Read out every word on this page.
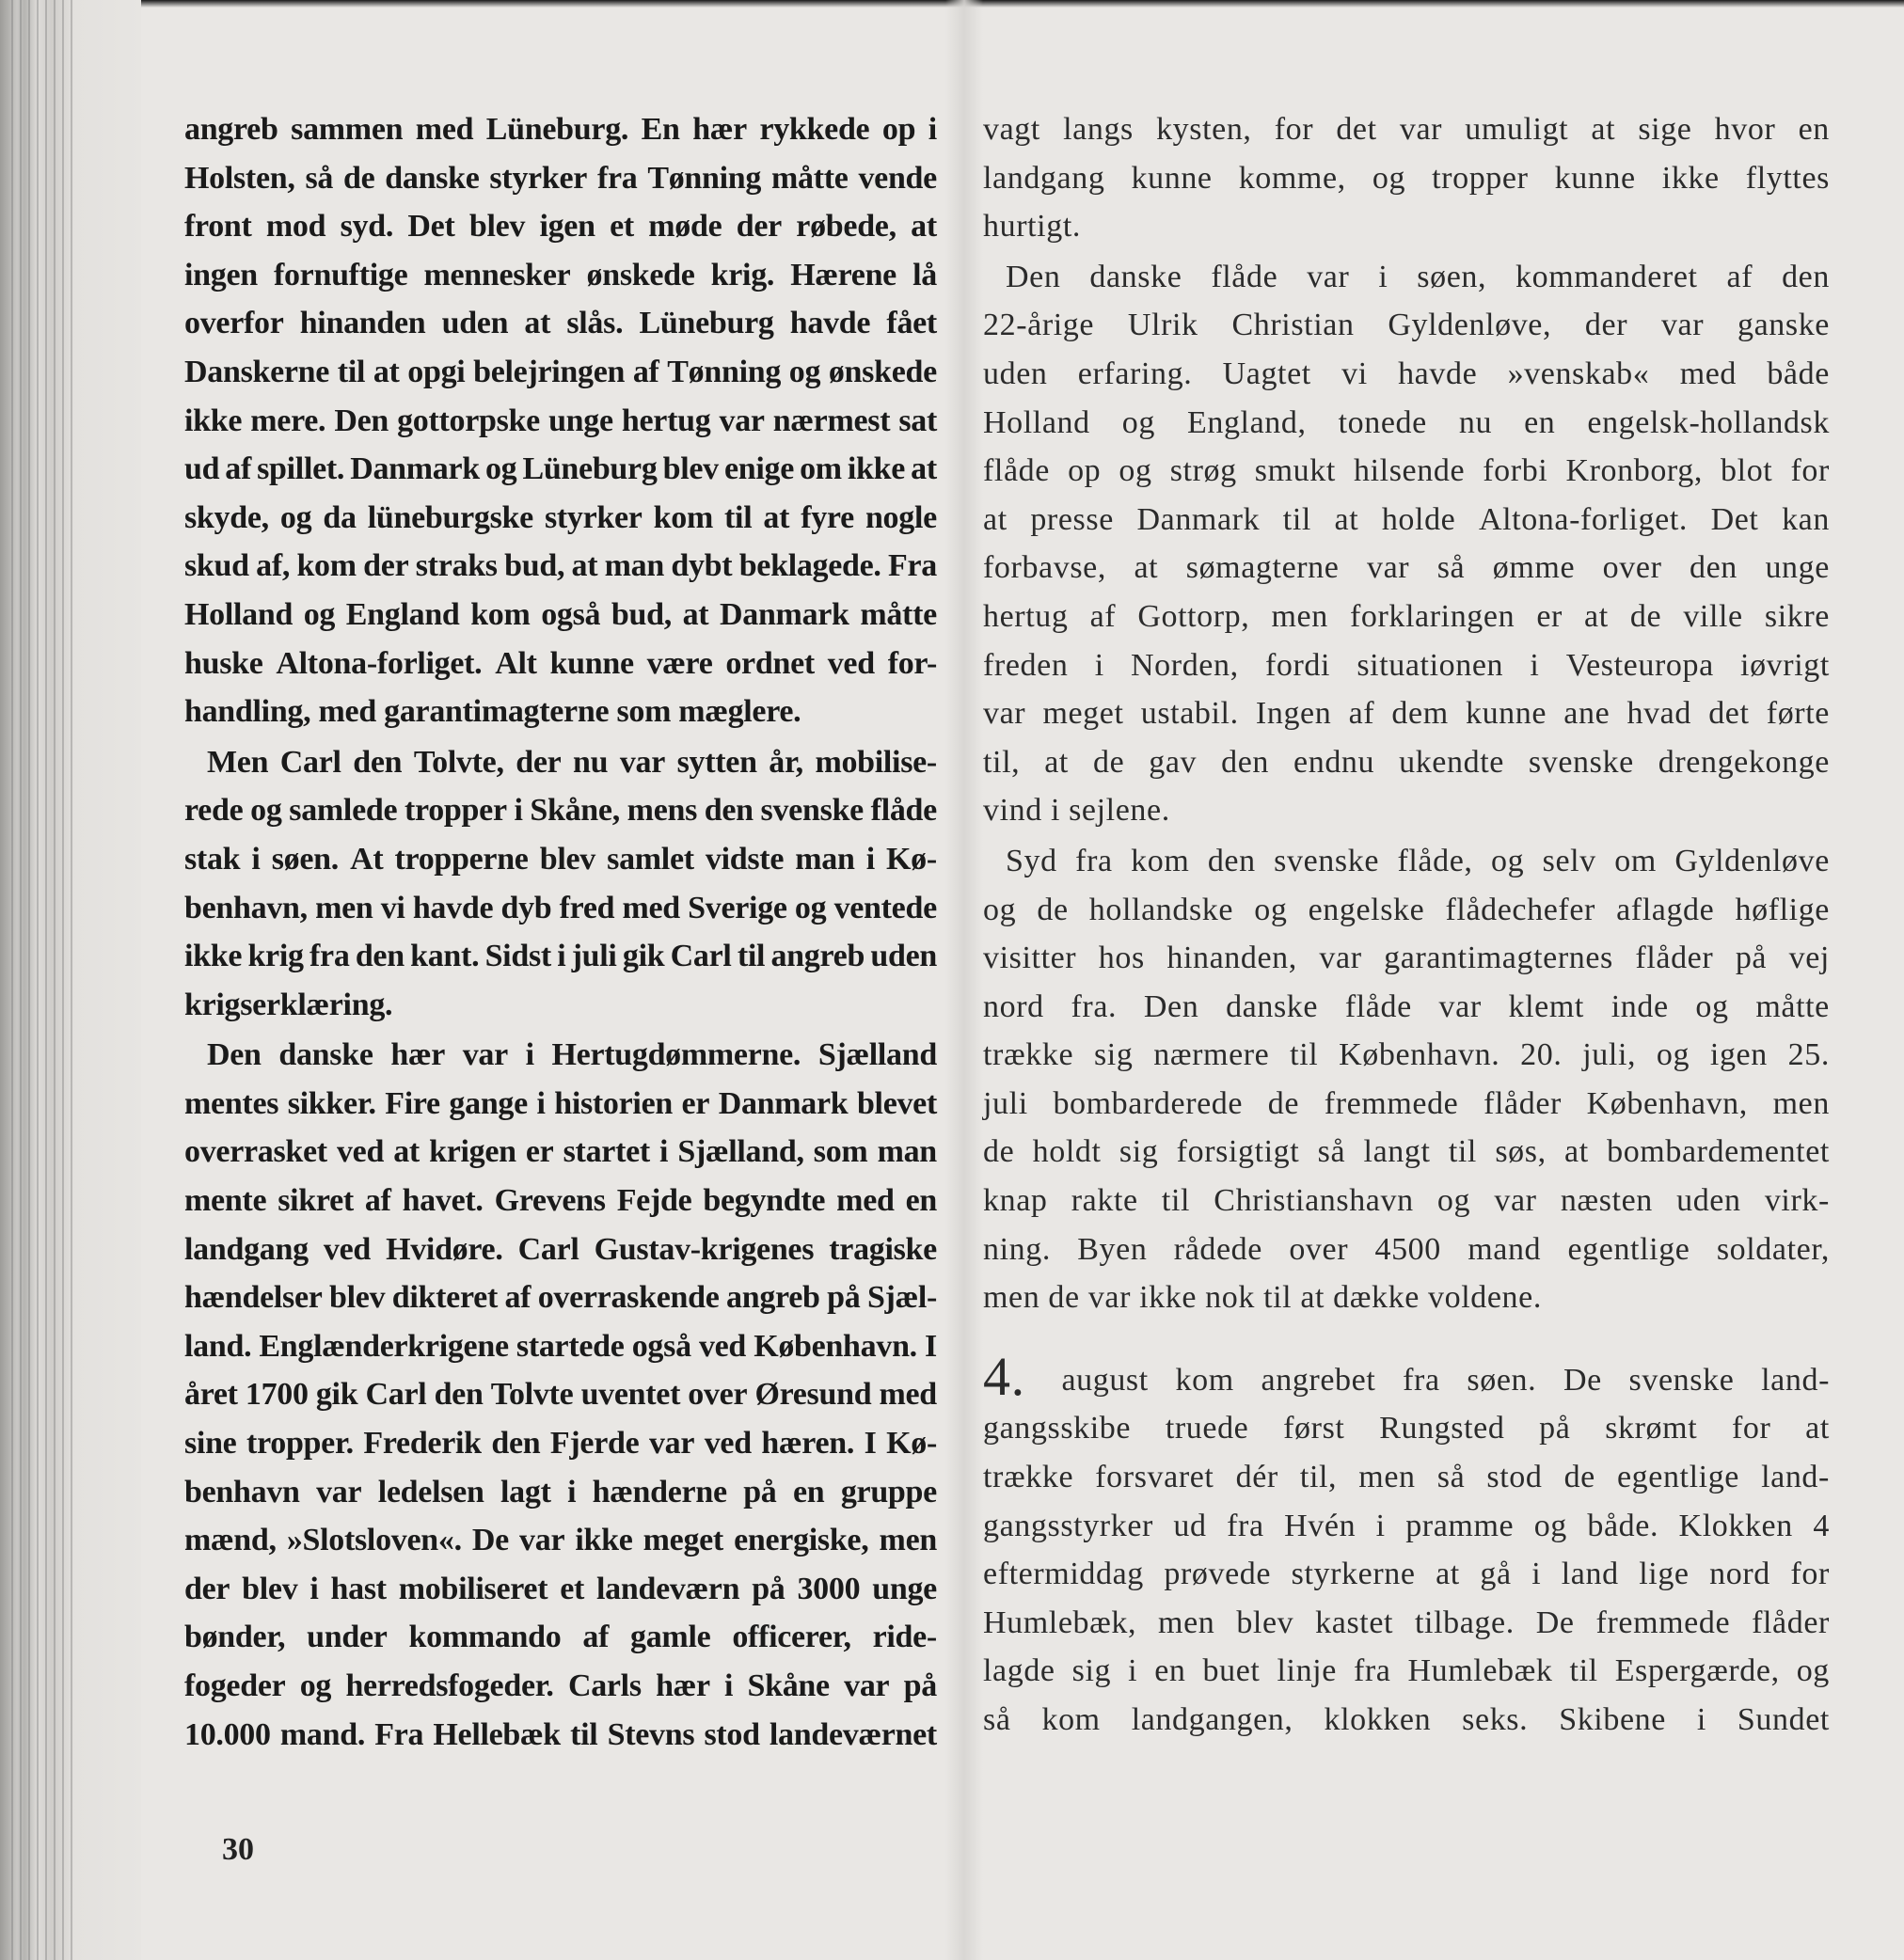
angreb sammen med Lüneburg. En hær rykkede op i
Holsten, så de danske styrker fra Tønning måtte vende
front mod syd. Det blev igen et møde der røbede, at
ingen fornuftige mennesker ønskede krig. Hærene lå
overfor hinanden uden at slås. Lüneburg havde fået
Danskerne til at opgi belejringen af Tønning og ønskede
ikke mere. Den gottorpske unge hertug var nærmest sat
ud af spillet. Danmark og Lüneburg blev enige om ikke at
skyde, og da lüneburgske styrker kom til at fyre nogle
skud af, kom der straks bud, at man dybt beklagede. Fra
Holland og England kom også bud, at Danmark måtte
huske Altona-forliget. Alt kunne være ordnet ved for-
handling, med garantimagterne som mæglere.
Men Carl den Tolvte, der nu var sytten år, mobilise-
rede og samlede tropper i Skåne, mens den svenske flåde
stak i søen. At tropperne blev samlet vidste man i Kø-
benhavn, men vi havde dyb fred med Sverige og ventede
ikke krig fra den kant. Sidst i juli gik Carl til angreb uden
krigserklæring.
Den danske hær var i Hertugdømmerne. Sjælland
mentes sikker. Fire gange i historien er Danmark blevet
overrasket ved at krigen er startet i Sjælland, som man
mente sikret af havet. Grevens Fejde begyndte med en
landgang ved Hvidøre. Carl Gustav-krigenes tragiske
hændelser blev dikteret af overraskende angreb på Sjæl-
land. Englænderkrigene startede også ved København. I
året 1700 gik Carl den Tolvte uventet over Øresund med
sine tropper. Frederik den Fjerde var ved hæren. I Kø-
benhavn var ledelsen lagt i hænderne på en gruppe
mænd, »Slotsloven«. De var ikke meget energiske, men
der blev i hast mobiliseret et landeværn på 3000 unge
bønder, under kommando af gamle officerer, ride-
fogeder og herredsfogeder. Carls hær i Skåne var på
10.000 mand. Fra Hellebæk til Stevns stod landeværnet
vagt langs kysten, for det var umuligt at sige hvor en
landgang kunne komme, og tropper kunne ikke flyttes
hurtigt.
Den danske flåde var i søen, kommanderet af den
22-årige Ulrik Christian Gyldenløve, der var ganske
uden erfaring. Uagtet vi havde »venskab« med både
Holland og England, tonede nu en engelsk-hollandsk
flåde op og strøg smukt hilsende forbi Kronborg, blot for
at presse Danmark til at holde Altona-forliget. Det kan
forbavse, at sømagterne var så ømme over den unge
hertug af Gottorp, men forklaringen er at de ville sikre
freden i Norden, fordi situationen i Vesteuropa iøvrigt
var meget ustabil. Ingen af dem kunne ane hvad det førte
til, at de gav den endnu ukendte svenske drengekonge
vind i sejlene.
Syd fra kom den svenske flåde, og selv om Gyldenløve
og de hollandske og engelske flådechefer aflagde høflige
visitter hos hinanden, var garantimagternes flåder på vej
nord fra. Den danske flåde var klemt inde og måtte
trække sig nærmere til København. 20. juli, og igen 25.
juli bombarderede de fremmede flåder København, men
de holdt sig forsigtigt så langt til søs, at bombardementet
knap rakte til Christianshavn og var næsten uden virk-
ning. Byen rådede over 4500 mand egentlige soldater,
men de var ikke nok til at dække voldene.
4. august kom angrebet fra søen. De svenske land-
gangsskibe truede først Rungsted på skrømt for at
trække forsvaret dér til, men så stod de egentlige land-
gangsstyrker ud fra Hvén i pramme og både. Klokken 4
eftermiddag prøvede styrkerne at gå i land lige nord for
Humlebæk, men blev kastet tilbage. De fremmede flåder
lagde sig i en buet linje fra Humlebæk til Espergærde, og
så kom landgangen, klokken seks. Skibene i Sundet
30
